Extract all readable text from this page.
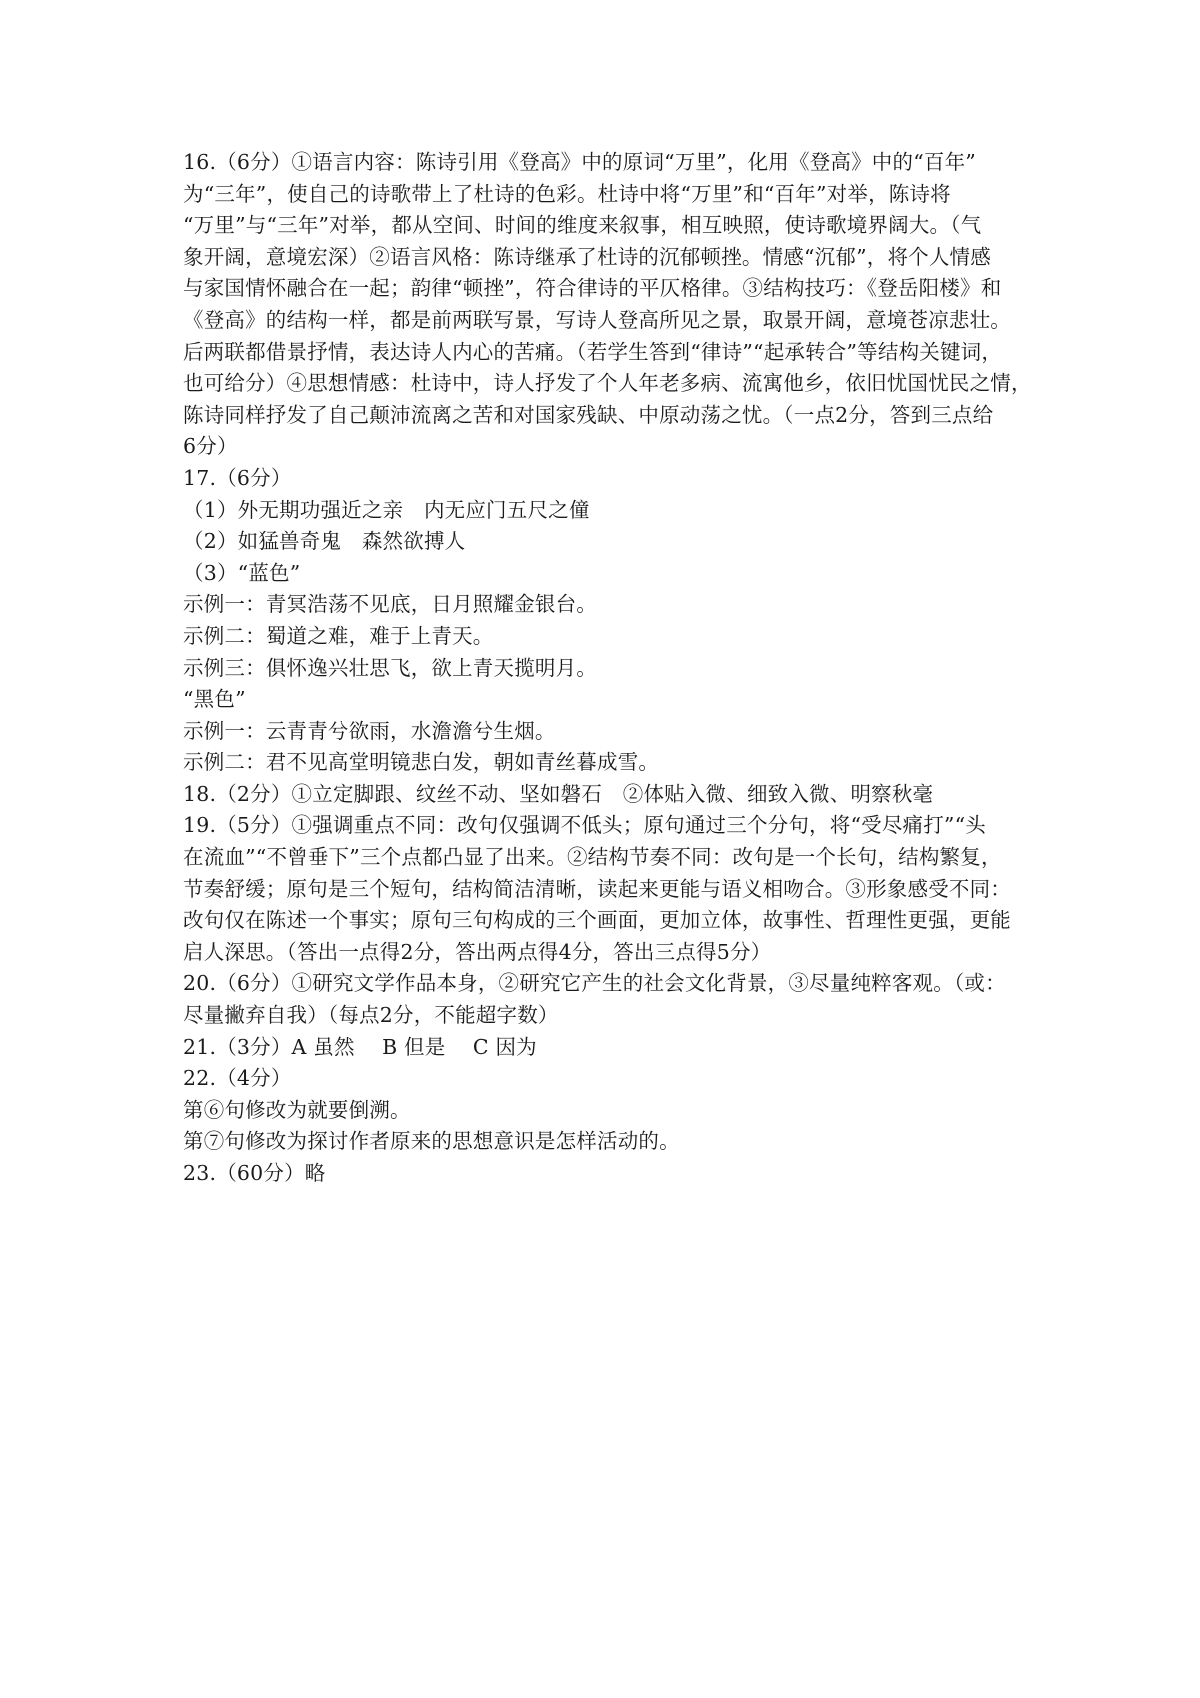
16.（6分）①语言内容：陈诗引用《登高》中的原词“万里”，化用《登高》中的“百年”
为“三年”，使自己的诗歌带上了杜诗的色彩。杜诗中将“万里”和“百年”对举，陈诗将
“万里”与“三年”对举，都从空间、时间的维度来叙事，相互映照，使诗歌境界阔大。（气
象开阔，意境宏深）②语言风格：陈诗继承了杜诗的沉郁顿挫。情感“沉郁”，将个人情感
与家国情怀融合在一起；韵律“顿挫”，符合律诗的平仄格律。③结构技巧：《登岳阳楼》和
《登高》的结构一样，都是前两联写景，写诗人登高所见之景，取景开阔，意境苍凉悲壮。
后两联都借景抒情，表达诗人内心的苦痛。（若学生答到“律诗”“起承转合”等结构关键词，
也可给分）④思想情感：杜诗中，诗人抒发了个人年老多病、流寓他乡，依旧忧国忧民之情，
陈诗同样抒发了自己颠沛流离之苦和对国家残缺、中原动荡之忧。（一点2分，答到三点给
6分）
17.（6分）
（1）外无期功强近之亲　内无应门五尺之僮
（2）如猛兽奇鬼　森然欲搏人
（3）“蓝色”
示例一：青冥浩荡不见底，日月照耀金银台。
示例二：蜀道之难，难于上青天。
示例三：俱怀逸兴壮思飞，欲上青天揽明月。
“黑色”
示例一：云青青兮欲雨，水澹澹兮生烟。
示例二：君不见高堂明镜悲白发，朝如青丝暮成雪。
18.（2分）①立定脚跟、纹丝不动、坚如磐石　②体贴入微、细致入微、明察秋毫
19.（5分）①强调重点不同：改句仅强调不低头；原句通过三个分句，将“受尽痛打”“头
在流血”“不曾垂下”三个点都凸显了出来。②结构节奏不同：改句是一个长句，结构繁复，
节奏舒缓；原句是三个短句，结构简洁清晰，读起来更能与语义相吻合。③形象感受不同：
改句仅在陈述一个事实；原句三句构成的三个画面，更加立体，故事性、哲理性更强，更能
启人深思。（答出一点得2分，答出两点得4分，答出三点得5分）
20.（6分）①研究文学作品本身，②研究它产生的社会文化背景，③尽量纯粹客观。（或：
尽量撇弃自我）（每点2分，不能超字数）
21.（3分）A 虽然　 B 但是　 C 因为
22.（4分）
第⑥句修改为就要倒溯。
第⑦句修改为探讨作者原来的思想意识是怎样活动的。
23.（60分）略
